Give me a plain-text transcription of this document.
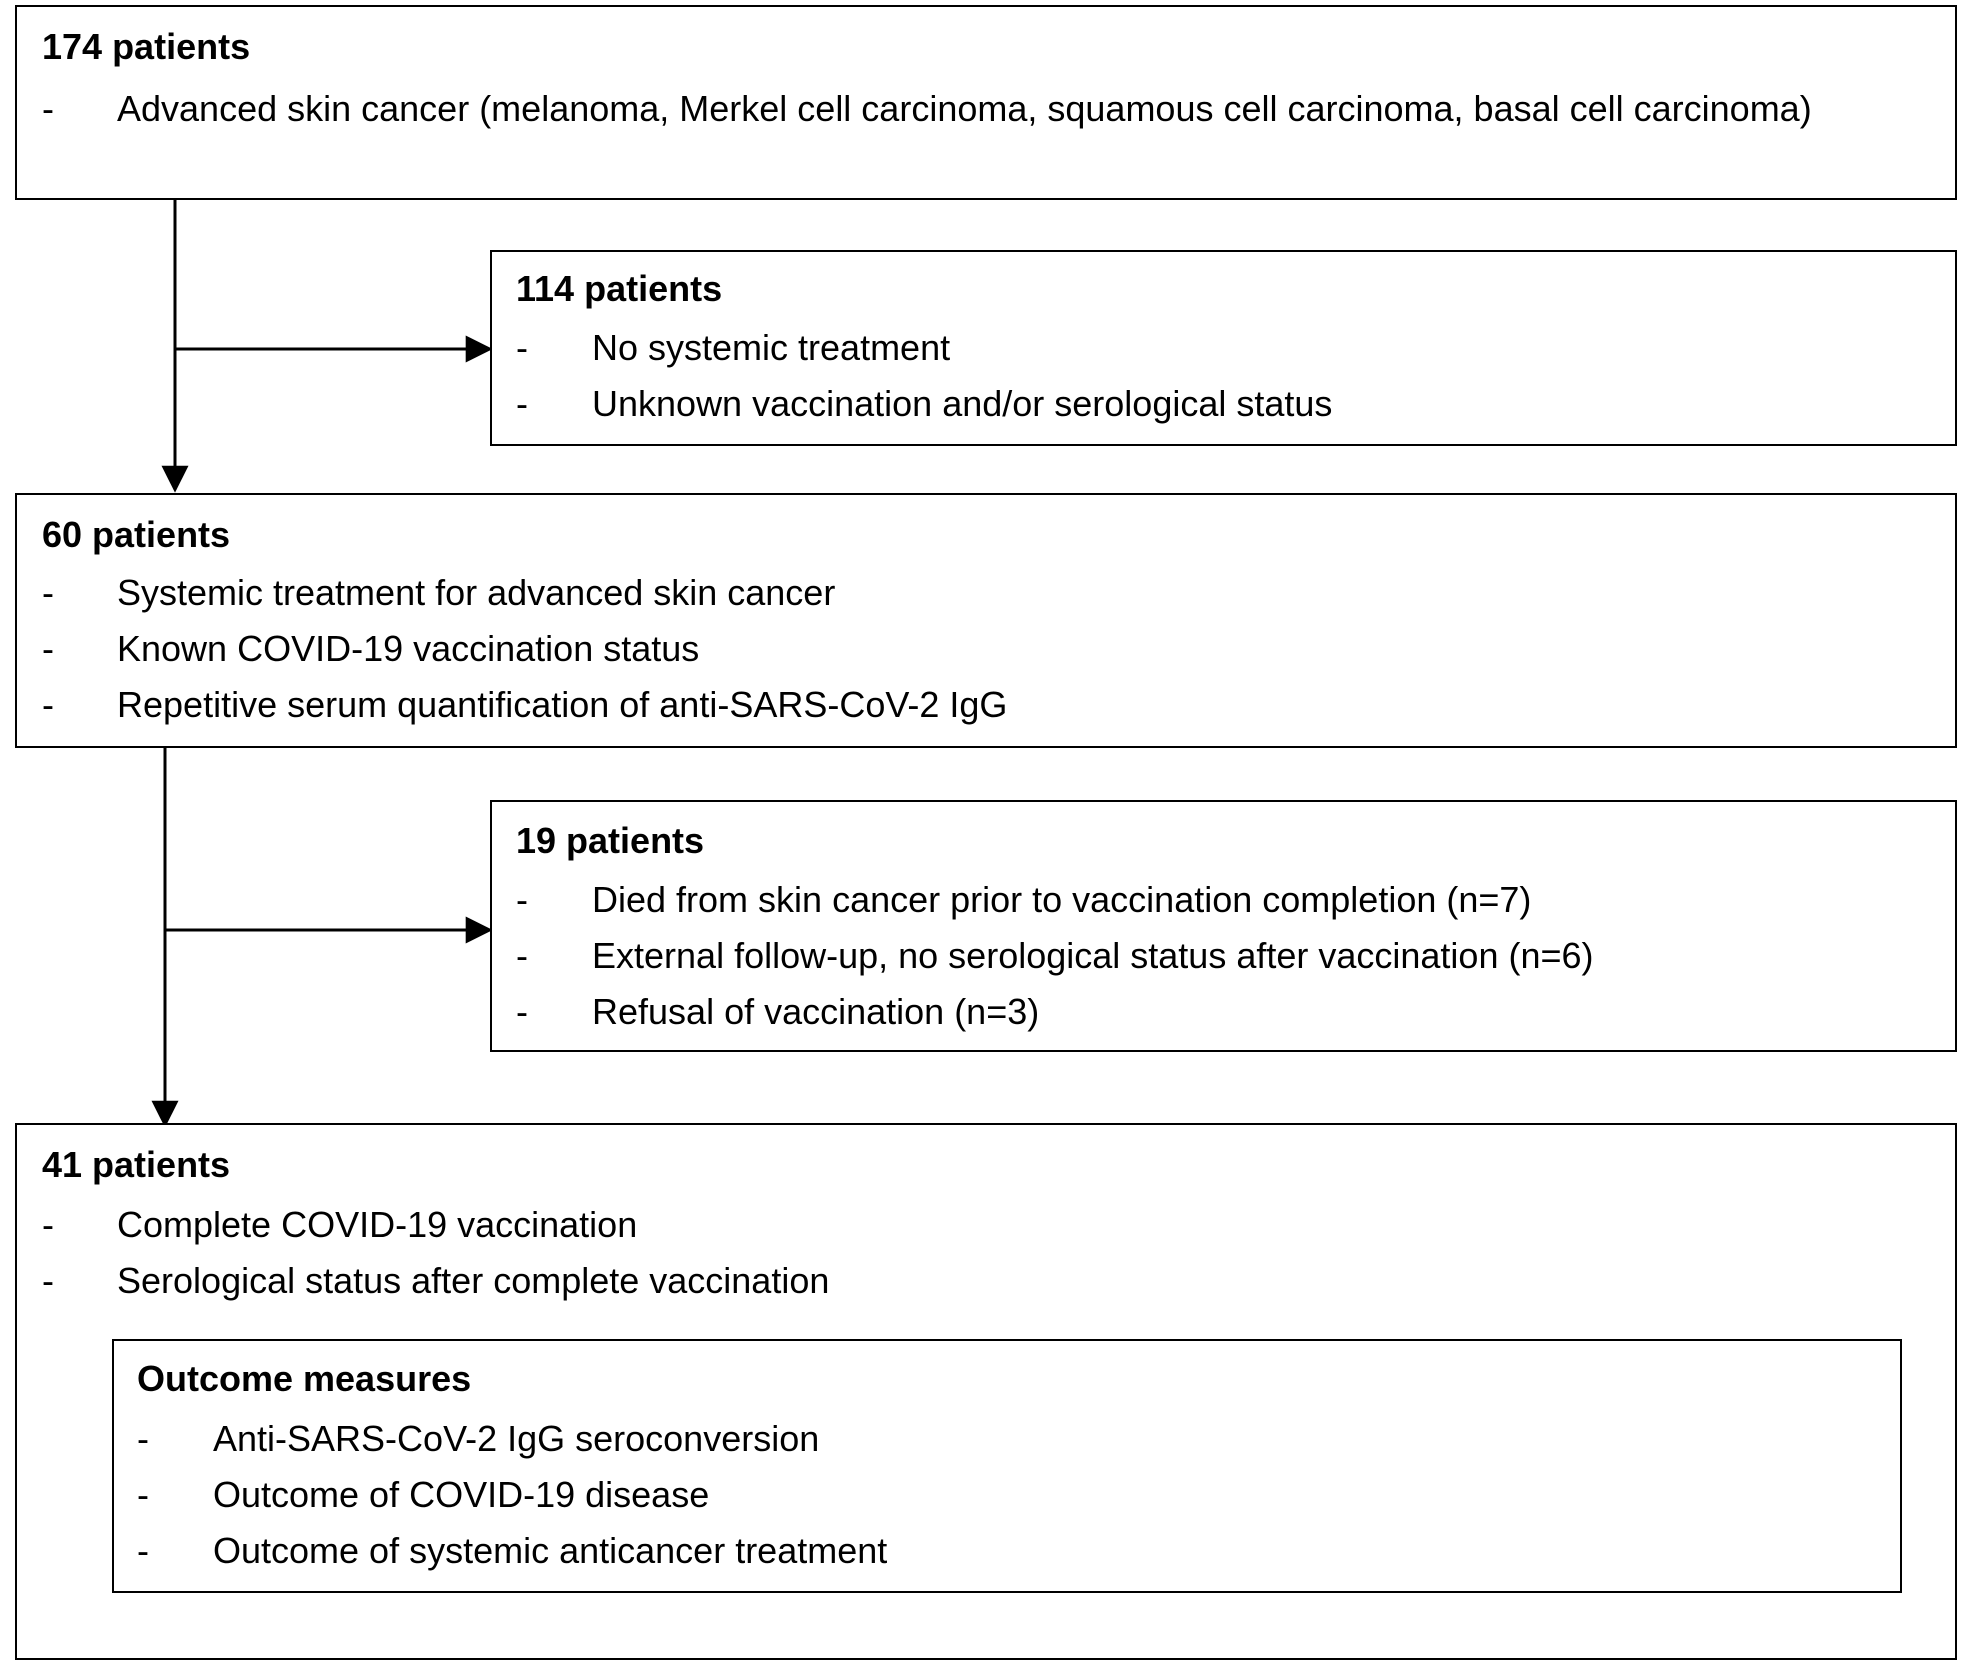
174 patients
- Advanced skin cancer (melanoma, Merkel cell carcinoma, squamous cell carcinoma, basal cell carcinoma)
114 patients
- No systemic treatment
- Unknown vaccination and/or serological status
60 patients
- Systemic treatment for advanced skin cancer
- Known COVID-19 vaccination status
- Repetitive serum quantification of anti-SARS-CoV-2 IgG
19 patients
- Died from skin cancer prior to vaccination completion (n=7)
- External follow-up, no serological status after vaccination (n=6)
- Refusal of vaccination (n=3)
41 patients
- Complete COVID-19 vaccination
- Serological status after complete vaccination
Outcome measures
- Anti-SARS-CoV-2 IgG seroconversion
- Outcome of COVID-19 disease
- Outcome of systemic anticancer treatment
